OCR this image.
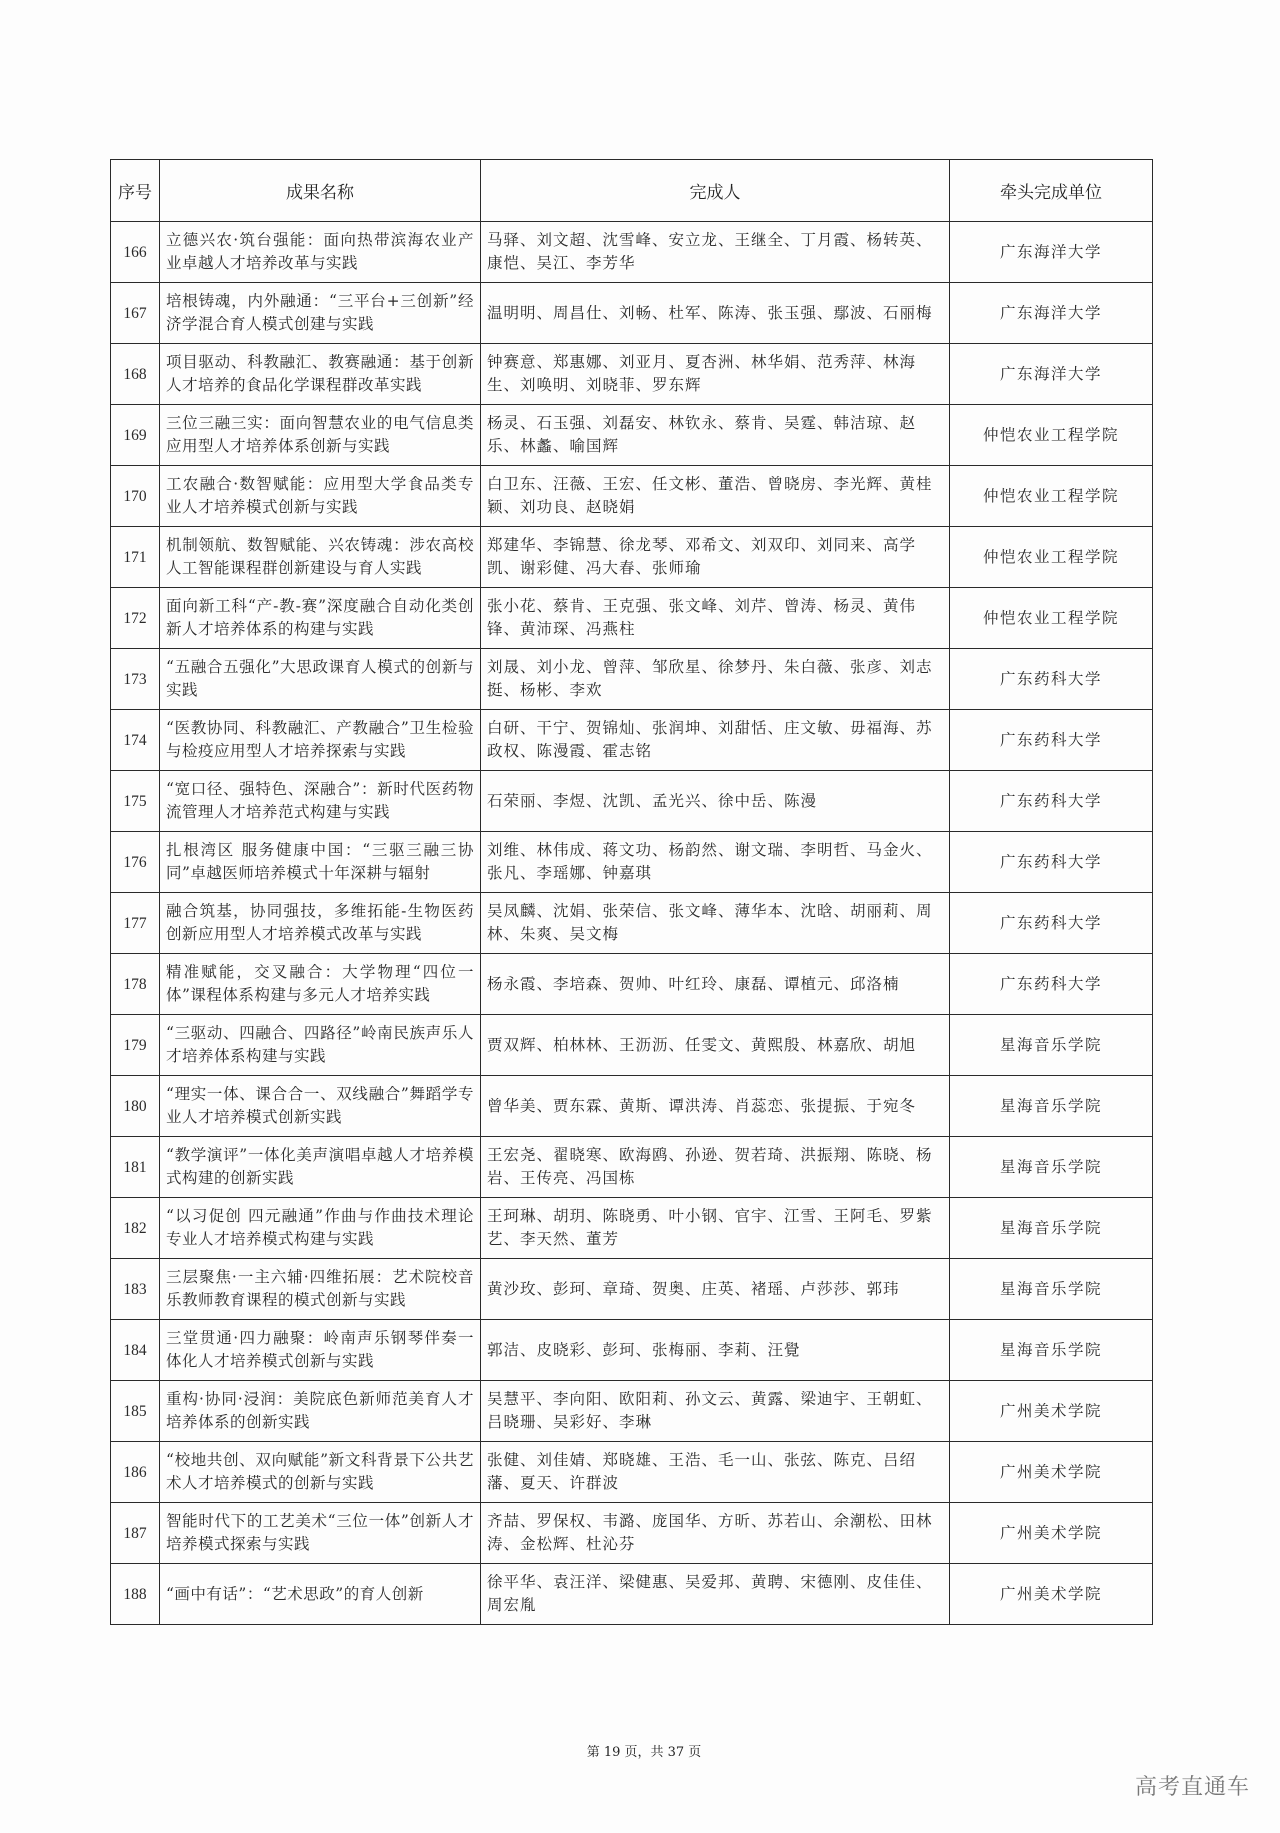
序号	成果名称	完成人	牵头完成单位
166	立德兴农·筑台强能：面向热带滨海农业产业卓越人才培养改革与实践	马驿、刘文超、沈雪峰、安立龙、王继全、丁月霞、杨转英、康恺、吴江、李芳华	广东海洋大学
167	培根铸魂，内外融通：“三平台+三创新”经济学混合育人模式创建与实践	温明明、周昌仕、刘畅、杜军、陈涛、张玉强、鄢波、石丽梅	广东海洋大学
168	项目驱动、科教融汇、教赛融通：基于创新人才培养的食品化学课程群改革实践	钟赛意、郑惠娜、刘亚月、夏杏洲、林华娟、范秀萍、林海生、刘唤明、刘晓菲、罗东辉	广东海洋大学
169	三位三融三实：面向智慧农业的电气信息类应用型人才培养体系创新与实践	杨灵、石玉强、刘磊安、林钦永、蔡肯、吴霆、韩洁琼、赵乐、林蠡、喻国辉	仲恺农业工程学院
170	工农融合·数智赋能：应用型大学食品类专业人才培养模式创新与实践	白卫东、汪薇、王宏、任文彬、董浩、曾晓房、李光辉、黄桂颖、刘功良、赵晓娟	仲恺农业工程学院
171	机制领航、数智赋能、兴农铸魂：涉农高校人工智能课程群创新建设与育人实践	郑建华、李锦慧、徐龙琴、邓希文、刘双印、刘同来、高学凯、谢彩健、冯大春、张师瑜	仲恺农业工程学院
172	面向新工科“产-教-赛”深度融合自动化类创新人才培养体系的构建与实践	张小花、蔡肯、王克强、张文峰、刘芹、曾涛、杨灵、黄伟锋、黄沛琛、冯燕柱	仲恺农业工程学院
173	“五融合五强化”大思政课育人模式的创新与实践	刘晟、刘小龙、曾萍、邹欣星、徐梦丹、朱白薇、张彦、刘志挺、杨彬、李欢	广东药科大学
174	“医教协同、科教融汇、产教融合”卫生检验与检疫应用型人才培养探索与实践	白研、干宁、贺锦灿、张润坤、刘甜恬、庄文敏、毋福海、苏政权、陈漫霞、霍志铭	广东药科大学
175	“宽口径、强特色、深融合”：新时代医药物流管理人才培养范式构建与实践	石荣丽、李煜、沈凯、孟光兴、徐中岳、陈漫	广东药科大学
176	扎根湾区 服务健康中国：“三驱三融三协同”卓越医师培养模式十年深耕与辐射	刘维、林伟成、蒋文功、杨韵然、谢文瑞、李明哲、马金火、张凡、李瑶娜、钟嘉琪	广东药科大学
177	融合筑基，协同强技，多维拓能-生物医药创新应用型人才培养模式改革与实践	吴凤麟、沈娟、张荣信、张文峰、薄华本、沈晗、胡丽莉、周林、朱爽、吴文梅	广东药科大学
178	精准赋能，交叉融合：大学物理“四位一体”课程体系构建与多元人才培养实践	杨永霞、李培森、贺帅、叶红玲、康磊、谭植元、邱洛楠	广东药科大学
179	“三驱动、四融合、四路径”岭南民族声乐人才培养体系构建与实践	贾双辉、柏林林、王沥沥、任雯文、黄熙殷、林嘉欣、胡旭	星海音乐学院
180	“理实一体、课合合一、双线融合”舞蹈学专业人才培养模式创新实践	曾华美、贾东霖、黄斯、谭洪涛、肖蕊恋、张提振、于宛冬	星海音乐学院
181	“教学演评”一体化美声演唱卓越人才培养模式构建的创新实践	王宏尧、翟晓寒、欧海鸥、孙逊、贺若琦、洪振翔、陈晓、杨岩、王传亮、冯国栋	星海音乐学院
182	“以习促创 四元融通”作曲与作曲技术理论专业人才培养模式构建与实践	王珂琳、胡玥、陈晓勇、叶小钢、官宇、江雪、王阿毛、罗紫艺、李天然、董芳	星海音乐学院
183	三层聚焦·一主六辅·四维拓展：艺术院校音乐教师教育课程的模式创新与实践	黄沙玫、彭珂、章琦、贺奥、庄英、褚瑶、卢莎莎、郭玮	星海音乐学院
184	三堂贯通·四力融聚：岭南声乐钢琴伴奏一体化人才培养模式创新与实践	郭洁、皮晓彩、彭珂、张梅丽、李莉、汪覺	星海音乐学院
185	重构·协同·浸润：美院底色新师范美育人才培养体系的创新实践	吴慧平、李向阳、欧阳莉、孙文云、黄露、梁迪宇、王朝虹、吕晓珊、吴彩好、李琳	广州美术学院
186	“校地共创、双向赋能”新文科背景下公共艺术人才培养模式的创新与实践	张健、刘佳婧、郑晓雄、王浩、毛一山、张弦、陈克、吕绍藩、夏天、许群波	广州美术学院
187	智能时代下的工艺美术“三位一体”创新人才培养模式探索与实践	齐喆、罗保权、韦潞、庞国华、方昕、苏若山、余潮松、田林涛、金松辉、杜沁芬	广州美术学院
188	“画中有话”：“艺术思政”的育人创新	徐平华、袁汪洋、梁健惠、吴爱邦、黄聘、宋德刚、皮佳佳、周宏胤	广州美术学院
第 19 页，共 37 页
高考直通车
